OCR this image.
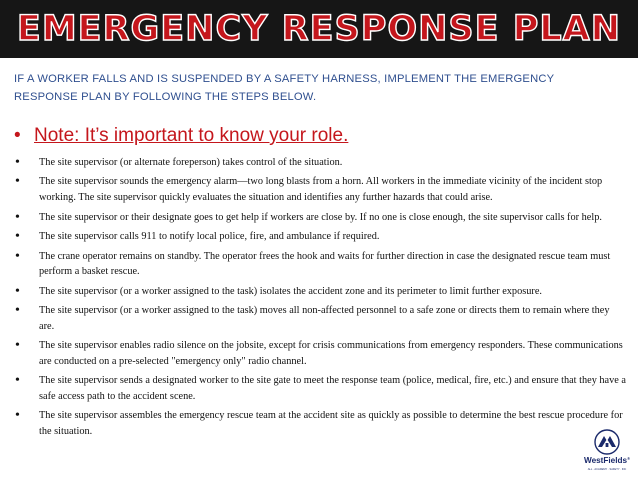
EMERGENCY RESPONSE PLAN
IF A WORKER FALLS AND IS SUSPENDED BY A SAFETY HARNESS, IMPLEMENT THE EMERGENCY RESPONSE PLAN BY FOLLOWING THE STEPS BELOW.
• Note: It’s important to know your role.
• The site supervisor (or alternate foreperson) takes control of the situation.
• The site supervisor sounds the emergency alarm—two long blasts from a horn. All workers in the immediate vicinity of the incident stop working. The site supervisor quickly evaluates the situation and identifies any further hazards that could arise.
• The site supervisor or their designate goes to get help if workers are close by. If no one is close enough, the site supervisor calls for help.
• The site supervisor calls 911 to notify local police, fire, and ambulance if required.
• The crane operator remains on standby. The operator frees the hook and waits for further direction in case the designated rescue team must perform a basket rescue.
• The site supervisor (or a worker assigned to the task) isolates the accident zone and its perimeter to limit further exposure.
• The site supervisor (or a worker assigned to the task) moves all non-affected personnel to a safe zone or directs them to remain where they are.
• The site supervisor enables radio silence on the jobsite, except for crisis communications from emergency responders. These communications are conducted on a pre-selected "emergency only" radio channel.
• The site supervisor sends a designated worker to the site gate to meet the response team (police, medical, fire, etc.) and ensure that they have a safe access path to the accident scene.
• The site supervisor assembles the emergency rescue team at the accident site as quickly as possible to determine the best rescue procedure for the situation.
WestFields®
ALL · ACADEMY · SAFETY · INC
